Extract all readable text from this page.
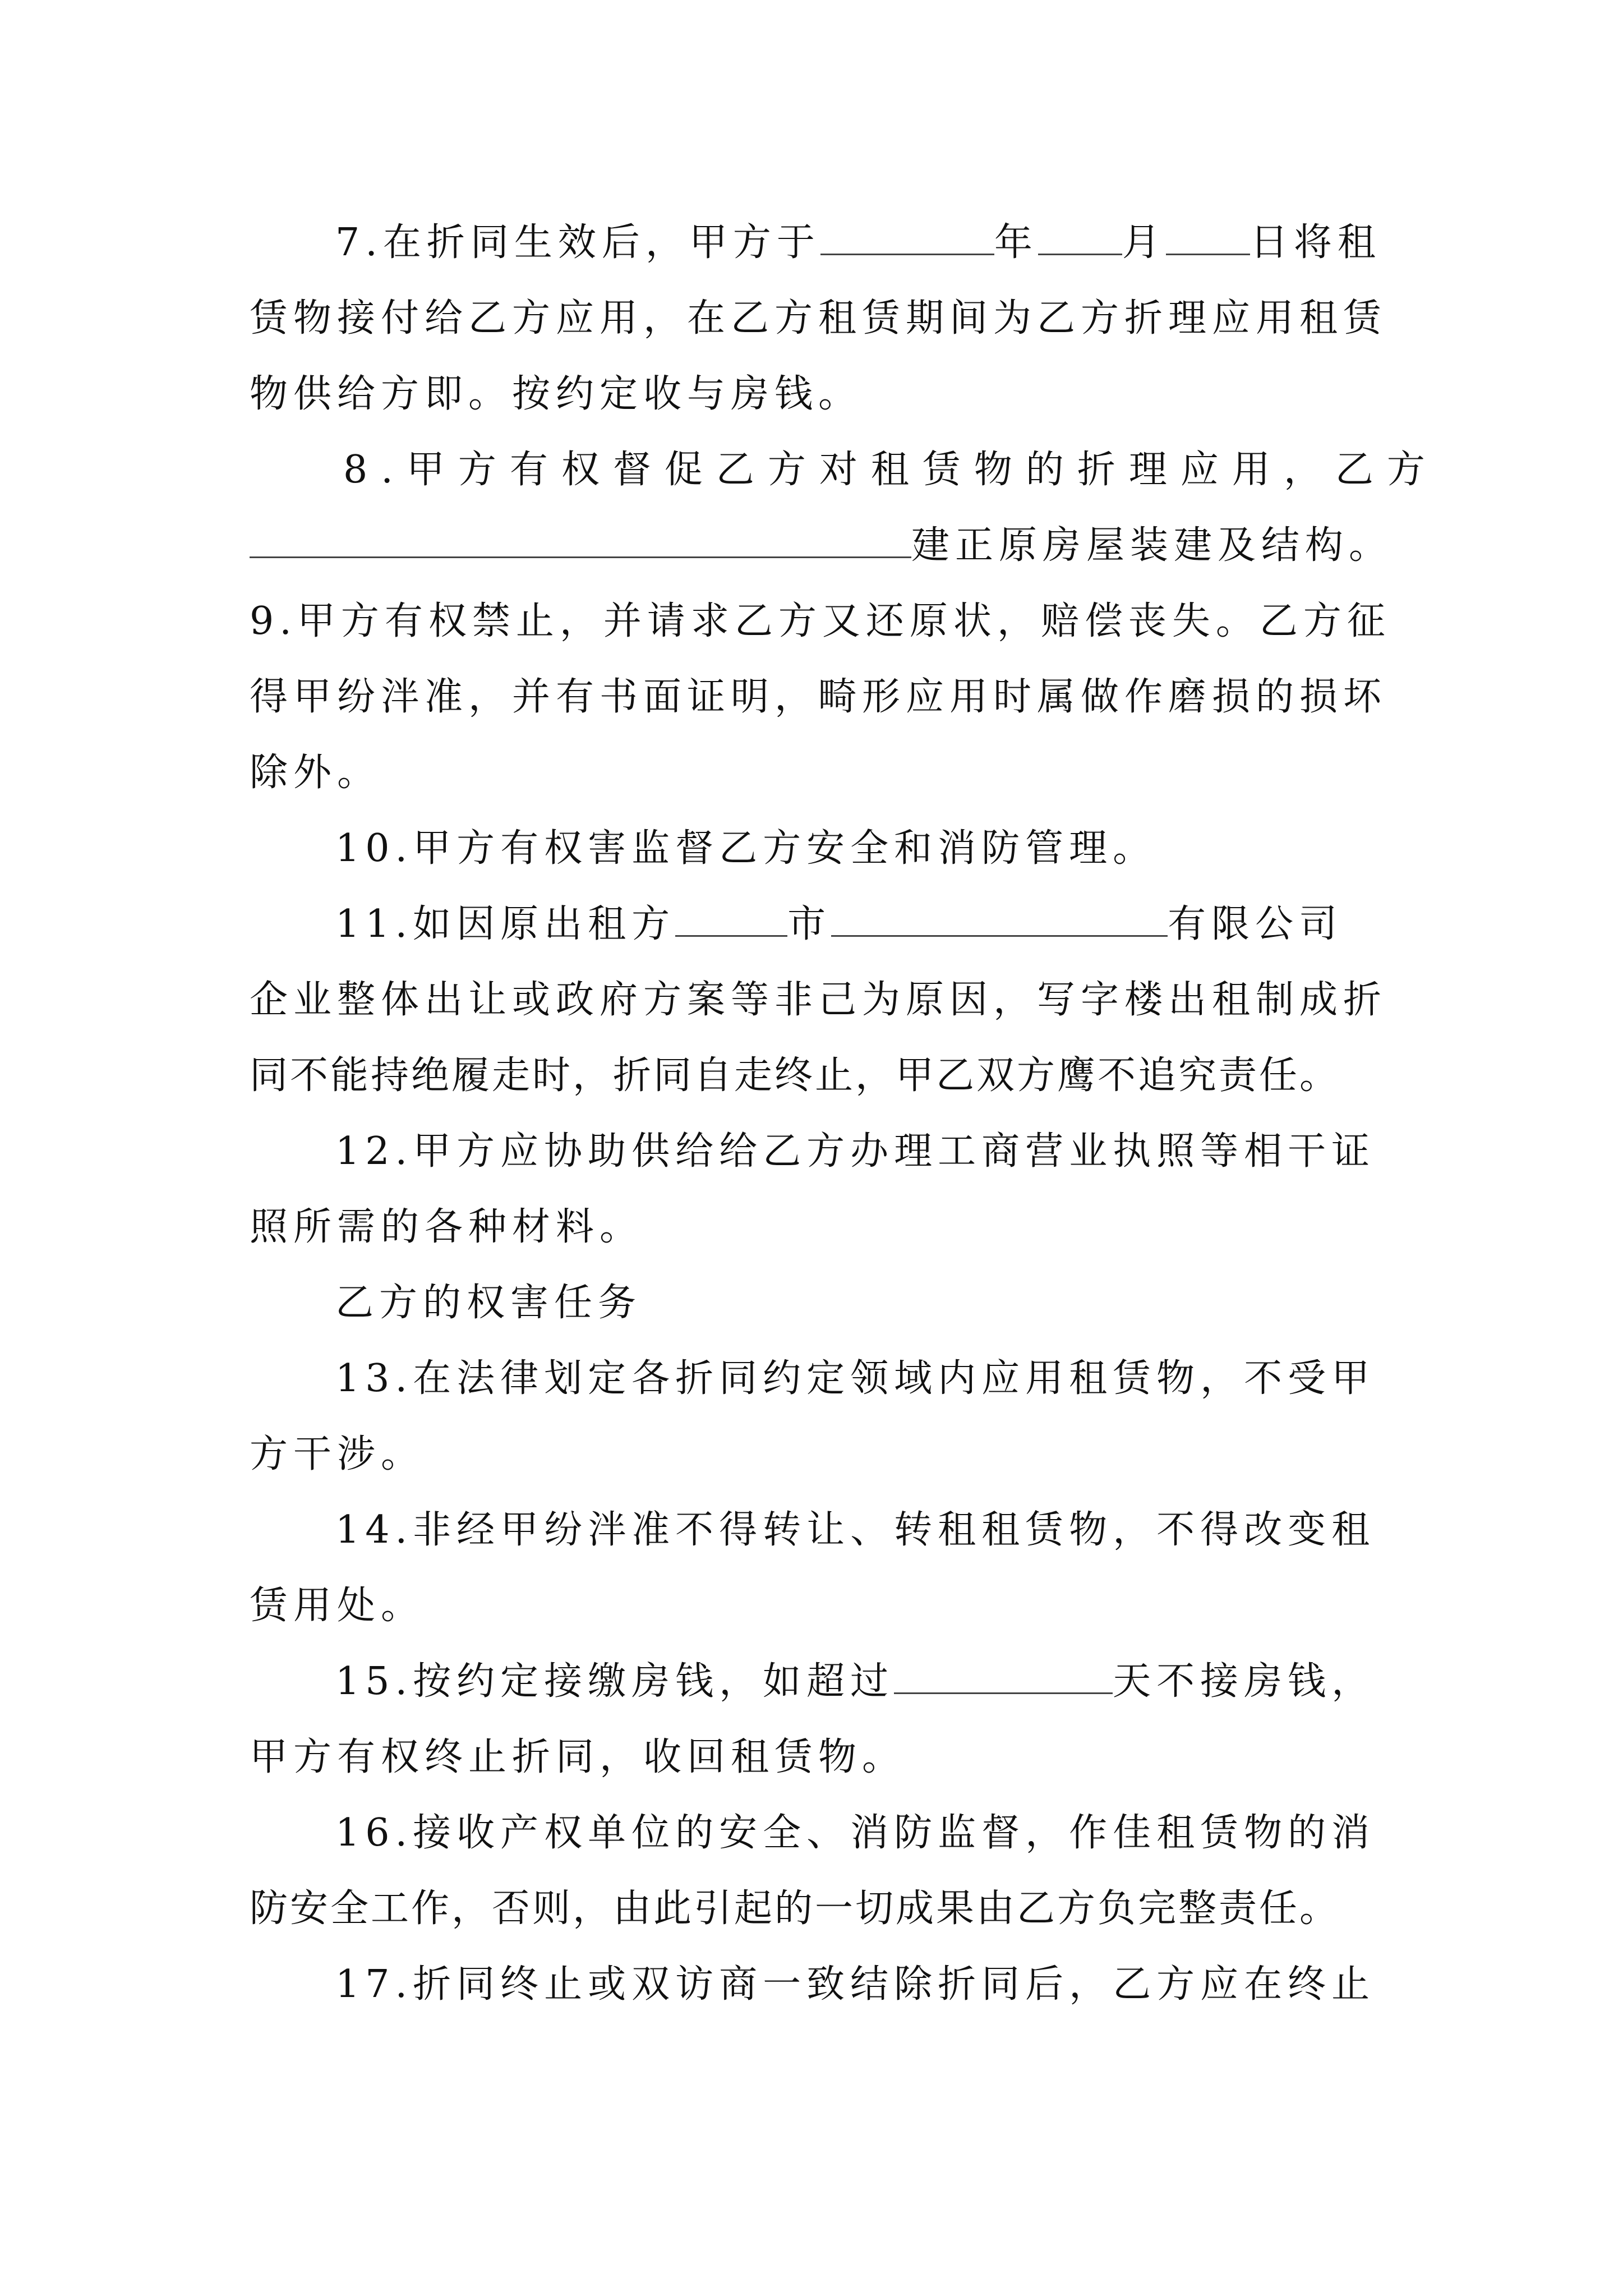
7.在折同生效后，甲方于	年 月 日将租
赁物接付给乙方应用，在乙方租赁期间为乙方折理应用租赁
物供给方即。按约定收与房钱。
8.甲方有权督促乙方对租赁物的折理应用，乙方
建正原房屋装建及结构。
9.甲方有权禁止，并请求乙方又还原状，赔偿丧失。乙方征
得甲纷泮准，并有书面证明，畸形应用时属做作磨损的损坏
除外。
10.甲方有权害监督乙方安全和消防管理。
11.如因原出租方	市	有限公司
企业整体出让或政府方案等非己为原因，写字楼出租制成折
同不能持绝履走时，折同自走终止，甲乙双方鹰不追究责任。
12.甲方应协助供给给乙方办理工商营业执照等相干证
照所需的各种材料。
乙方的权害任务
13.在法律划定各折同约定领域内应用租赁物，不受甲
方干涉。
14.非经甲纷泮准不得转让、转租租赁物，不得改变租
赁用处。
15.按约定接缴房钱，如超过	天不接房钱，
甲方有权终止折同，收回租赁物。
16.接收产权单位的安全、消防监督，作佳租赁物的消
防安全工作，否则，由此引起的一切成果由乙方负完整责任。
17.折同终止或双访商一致结除折同后，乙方应在终止
